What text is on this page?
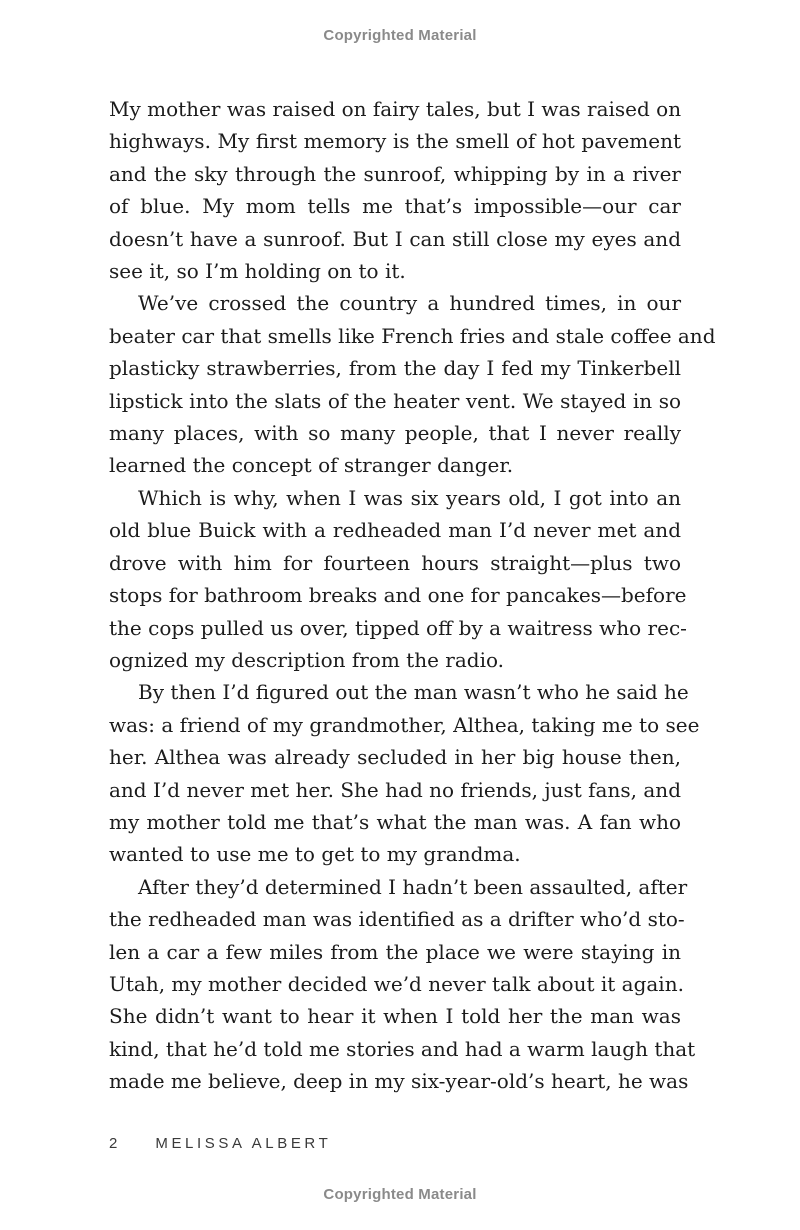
Copyrighted Material

My mother was raised on fairy tales, but I was raised on
highways. My first memory is the smell of hot pavement
and the sky through the sunroof, whipping by in a river
of blue. My mom tells me that’s impossible—our car
doesn’t have a sunroof. But I can still close my eyes and
see it, so I’m holding on to it.

We’ve crossed the country a hundred times, in our
beater car that smells like French fries and stale coffee and
plasticky strawberries, from the day I fed my Tinkerbell
lipstick into the slats of the heater vent. We stayed in so
many places, with so many people, that I never really
learned the concept of stranger danger.

Which is why, when I was six years old, I got into an
old blue Buick with a redheaded man I’d never met and
drove with him for fourteen hours straight—plus two
stops for bathroom breaks and one for pancakes—before
the cops pulled us over, tipped off by a waitress who rec-
ognized my description from the radio.

By then I’d figured out the man wasn’t who he said he
was: a friend of my grandmother, Althea, taking me to see
her. Althea was already secluded in her big house then,
and I’d never met her. She had no friends, just fans, and
my mother told me that’s what the man was. A fan who
wanted to use me to get to my grandma.

After they’d determined I hadn’t been assaulted, after
the redheaded man was identified as a drifter who’d sto-
len a car a few miles from the place we were staying in
Utah, my mother decided we’d never talk about it again.
She didn’t want to hear it when I told her the man was
kind, that he’d told me stories and had a warm laugh that
made me believe, deep in my six-year-old’s heart, he was

2	MELISSA ALBERT
Copyrighted Material
